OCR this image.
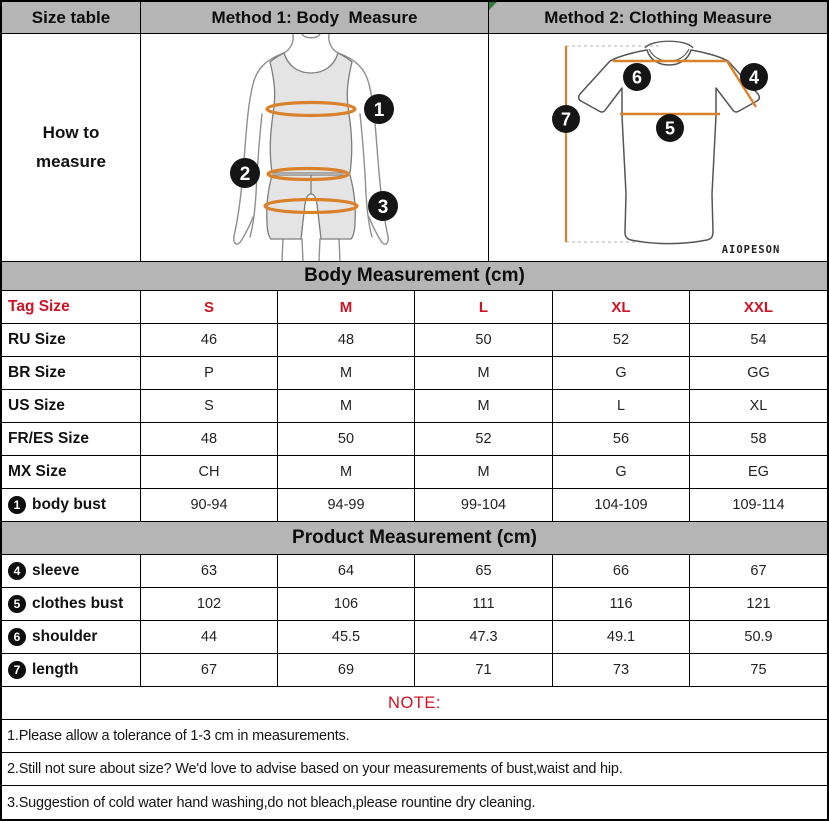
Size table	Method 1: Body  Measure	Method 2: Clothing Measure
How to measure
1
2
3
6	4
7	5
AIOPESON
Body Measurement (cm)
Tag Size	S	M	L	XL	XXL
RU Size	46	48	50	52	54
BR Size	P	M	M	G	GG
US Size	S	M	M	L	XL
FR/ES Size	48	50	52	56	58
MX Size	CH	M	M	G	EG
1 body bust	90-94	94-99	99-104	104-109	109-114
Product Measurement (cm)
4 sleeve	63	64	65	66	67
5 clothes bust	102	106	111	116	121
6 shoulder	44	45.5	47.3	49.1	50.9
7 length	67	69	71	73	75
NOTE:
1.Please allow a tolerance of 1-3 cm in measurements.
2.Still not sure about size? We'd love to advise based on your measurements of bust,waist and hip.
3.Suggestion of cold water hand washing,do not bleach,please rountine dry cleaning.
